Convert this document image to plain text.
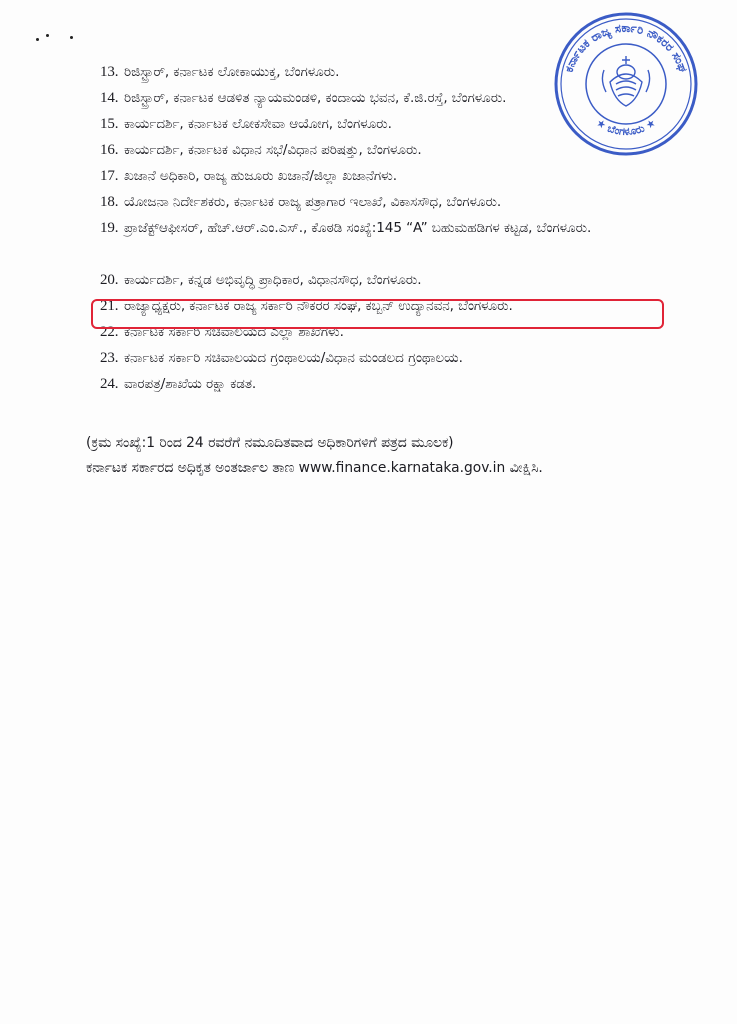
ಕರ್ನಾಟಕ ರಾಜ್ಯ ಸರ್ಕಾರಿ ನೌಕರರ ಸಂಘ
★ ಬೆಂಗಳೂರು ★
13. ರಿಜಿಸ್ಟ್ರಾರ್, ಕರ್ನಾಟಕ ಲೋಕಾಯುಕ್ತ, ಬೆಂಗಳೂರು.
14. ರಿಜಿಸ್ಟ್ರಾರ್, ಕರ್ನಾಟಕ ಆಡಳಿತ ನ್ಯಾಯಮಂಡಳಿ, ಕಂದಾಯ ಭವನ, ಕೆ.ಜಿ.ರಸ್ತೆ, ಬೆಂಗಳೂರು.
15. ಕಾರ್ಯದರ್ಶಿ, ಕರ್ನಾಟಕ ಲೋಕಸೇವಾ ಆಯೋಗ, ಬೆಂಗಳೂರು.
16. ಕಾರ್ಯದರ್ಶಿ, ಕರ್ನಾಟಕ ವಿಧಾನ ಸಭೆ/ವಿಧಾನ ಪರಿಷತ್ತು, ಬೆಂಗಳೂರು.
17. ಖಜಾನೆ ಅಧಿಕಾರಿ, ರಾಜ್ಯ ಹುಜೂರು ಖಜಾನೆ/ಜಿಲ್ಲಾ ಖಜಾನೆಗಳು.
18. ಯೋಜನಾ ನಿರ್ದೇಶಕರು, ಕರ್ನಾಟಕ ರಾಜ್ಯ ಪತ್ರಾಗಾರ ಇಲಾಖೆ, ವಿಕಾಸಸೌಧ, ಬೆಂಗಳೂರು.
19. ಪ್ರಾಜೆಕ್ಟ್ಆಫೀಸರ್, ಹೆಚ್.ಆರ್.ಎಂ.ಎಸ್., ಕೊಠಡಿ ಸಂಖ್ಯೆ:145 “A” ಬಹುಮಹಡಿಗಳ ಕಟ್ಟಡ, ಬೆಂಗಳೂರು.
20. ಕಾರ್ಯದರ್ಶಿ, ಕನ್ನಡ ಅಭಿವೃದ್ಧಿ ಪ್ರಾಧಿಕಾರ, ವಿಧಾನಸೌಧ, ಬೆಂಗಳೂರು.
21. ರಾಜ್ಯಾಧ್ಯಕ್ಷರು, ಕರ್ನಾಟಕ ರಾಜ್ಯ ಸರ್ಕಾರಿ ನೌಕರರ ಸಂಘ, ಕಬ್ಬನ್ ಉದ್ಯಾನವನ, ಬೆಂಗಳೂರು.
22. ಕರ್ನಾಟಕ ಸರ್ಕಾರಿ ಸಚಿವಾಲಯದ ಎಲ್ಲಾ ಶಾಖೆಗಳು.
23. ಕರ್ನಾಟಕ ಸರ್ಕಾರಿ ಸಚಿವಾಲಯದ ಗ್ರಂಥಾಲಯ/ವಿಧಾನ ಮಂಡಲದ ಗ್ರಂಥಾಲಯ.
24. ವಾರಪತ್ರ/ಶಾಖೆಯ ರಕ್ಷಾ ಕಡತ.
(ಕ್ರಮ ಸಂಖ್ಯೆ:1 ರಿಂದ 24 ರವರೆಗೆ ನಮೂದಿತವಾದ ಅಧಿಕಾರಿಗಳಿಗೆ ಪತ್ರದ ಮೂಲಕ)
ಕರ್ನಾಟಕ ಸರ್ಕಾರದ ಅಧಿಕೃತ ಅಂತರ್ಜಾಲ ತಾಣ www.finance.karnataka.gov.in ವೀಕ್ಷಿಸಿ.
